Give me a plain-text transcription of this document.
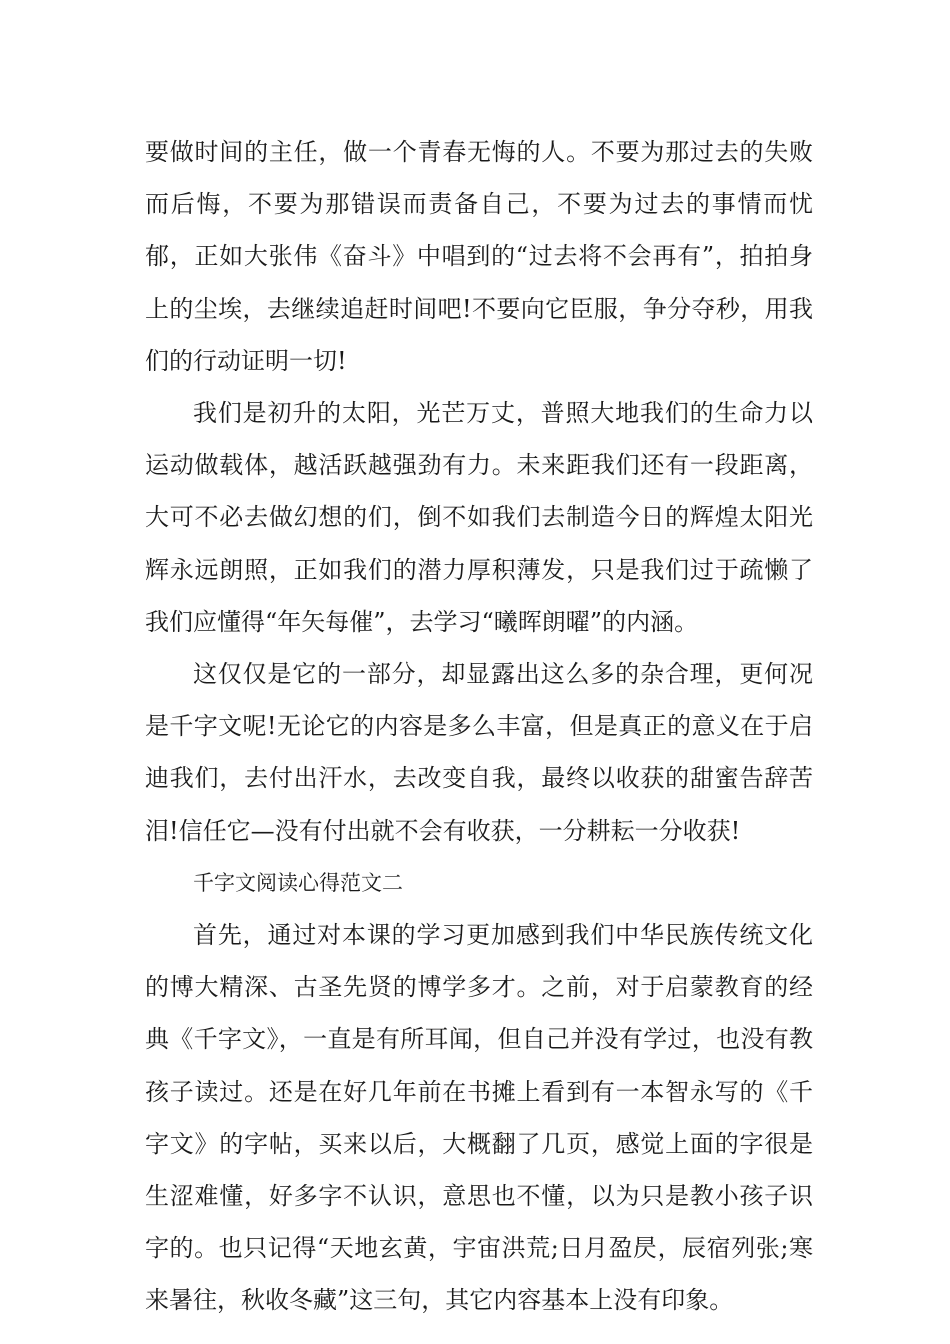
要做时间的主任，做一个青春无悔的人。不要为那过去的失败而后悔，不要为那错误而责备自己，不要为过去的事情而忧郁，正如大张伟《奋斗》中唱到的“过去将不会再有”，拍拍身上的尘埃，去继续追赶时间吧!不要向它臣服，争分夺秒，用我们的行动证明一切!

我们是初升的太阳，光芒万丈，普照大地我们的生命力以运动做载体，越活跃越强劲有力。未来距我们还有一段距离，大可不必去做幻想的们，倒不如我们去制造今日的辉煌太阳光辉永远朗照，正如我们的潜力厚积薄发，只是我们过于疏懒了我们应懂得“年矢每催”，去学习“曦晖朗曜”的内涵。

这仅仅是它的一部分，却显露出这么多的杂合理，更何况是千字文呢!无论它的内容是多么丰富，但是真正的意义在于启迪我们，去付出汗水，去改变自我，最终以收获的甜蜜告辞苦泪!信任它—没有付出就不会有收获，一分耕耘一分收获!

千字文阅读心得范文二

首先，通过对本课的学习更加感到我们中华民族传统文化的博大精深、古圣先贤的博学多才。之前，对于启蒙教育的经典《千字文》，一直是有所耳闻，但自己并没有学过，也没有教孩子读过。还是在好几年前在书摊上看到有一本智永写的《千字文》的字帖，买来以后，大概翻了几页，感觉上面的字很是生涩难懂，好多字不认识，意思也不懂，以为只是教小孩子识字的。也只记得“天地玄黄，宇宙洪荒;日月盈昃，辰宿列张;寒来暑往，秋收冬藏”这三句，其它内容基本上没有印象。
